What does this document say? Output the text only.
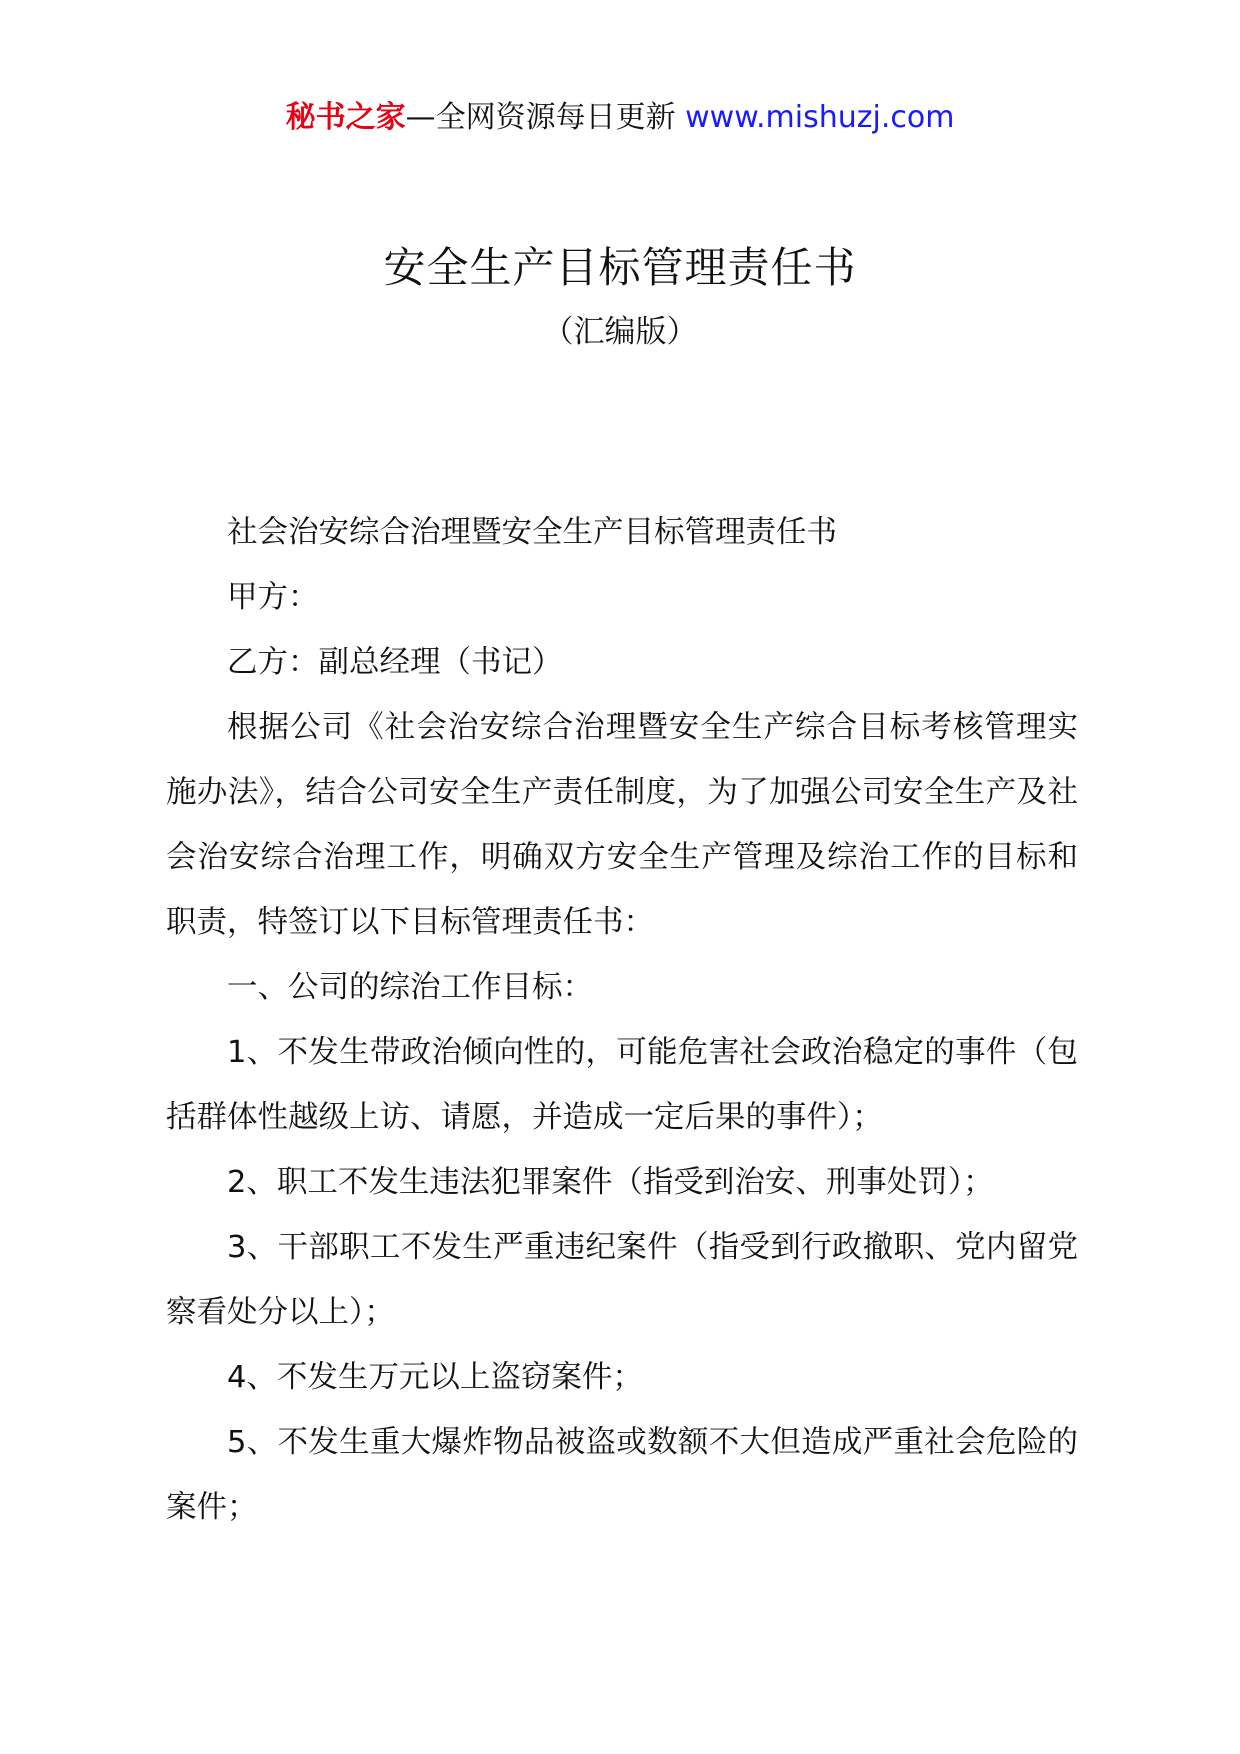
秘书之家—全网资源每日更新 www.mishuzj.com
安全生产目标管理责任书
（汇编版）

社会治安综合治理暨安全生产目标管理责任书

甲方：

乙方：副总经理（书记）

根据公司《社会治安综合治理暨安全生产综合目标考核管理实施办法》，结合公司安全生产责任制度，为了加强公司安全生产及社会治安综合治理工作，明确双方安全生产管理及综治工作的目标和职责，特签订以下目标管理责任书：

一、公司的综治工作目标：

1、不发生带政治倾向性的，可能危害社会政治稳定的事件（包括群体性越级上访、请愿，并造成一定后果的事件）；

2、职工不发生违法犯罪案件（指受到治安、刑事处罚）；

3、干部职工不发生严重违纪案件（指受到行政撤职、党内留党察看处分以上）；

4、不发生万元以上盗窃案件；

5、不发生重大爆炸物品被盗或数额不大但造成严重社会危险的案件；
